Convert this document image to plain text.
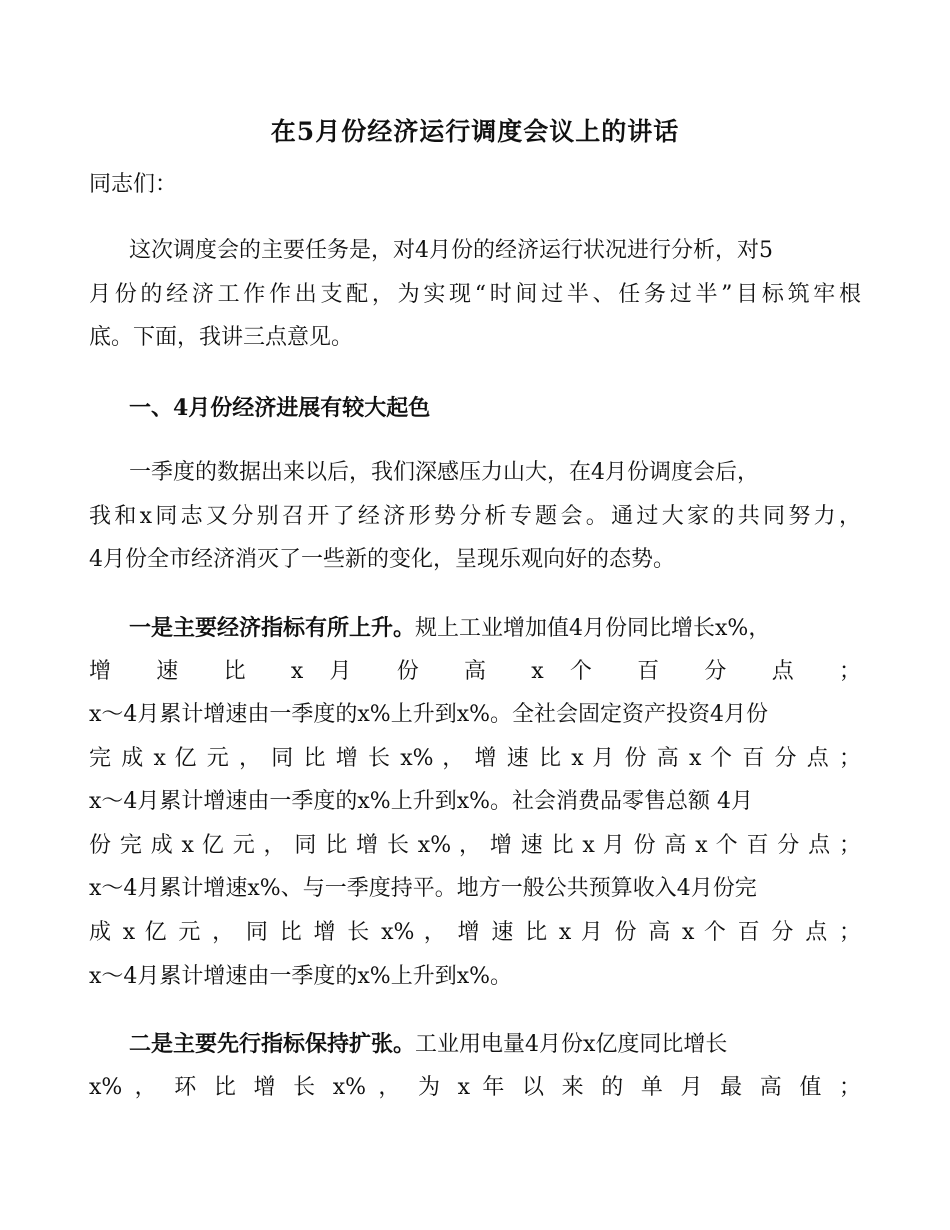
在5月份经济运行调度会议上的讲话
同志们：
这次调度会的主要任务是，对4月份的经济运行状况进行分析，对5
月份的经济工作作出支配，为实现“时间过半、任务过半”目标筑牢根
底。下面，我讲三点意见。
一、4月份经济进展有较大起色
一季度的数据出来以后，我们深感压力山大，在4月份调度会后，
我和x同志又分别召开了经济形势分析专题会。通过大家的共同努力，
4月份全市经济消灭了一些新的变化，呈现乐观向好的态势。
一是主要经济指标有所上升。规上工业增加值4月份同比增长x%，
增 速 比 x 月 份 高 x 个 百 分 点 ；
x～4月累计增速由一季度的x%上升到x%。全社会固定资产投资4月份
完 成 x 亿 元 ， 同 比 增 长 x% ， 增 速 比 x 月 份 高 x 个 百 分 点 ；
x～4月累计增速由一季度的x%上升到x%。社会消费品零售总额 4月
份 完 成 x 亿 元 ， 同 比 增 长 x% ， 增 速 比 x 月 份 高 x 个 百 分 点 ；
x～4月累计增速x%、与一季度持平。地方一般公共预算收入4月份完
成 x 亿 元 ， 同 比 增 长 x% ， 增 速 比 x 月 份 高 x 个 百 分 点 ；
x～4月累计增速由一季度的x%上升到x%。
二是主要先行指标保持扩张。工业用电量4月份x亿度同比增长
x% ， 环 比 增 长 x% ， 为 x 年 以 来 的 单 月 最 高 值 ；
